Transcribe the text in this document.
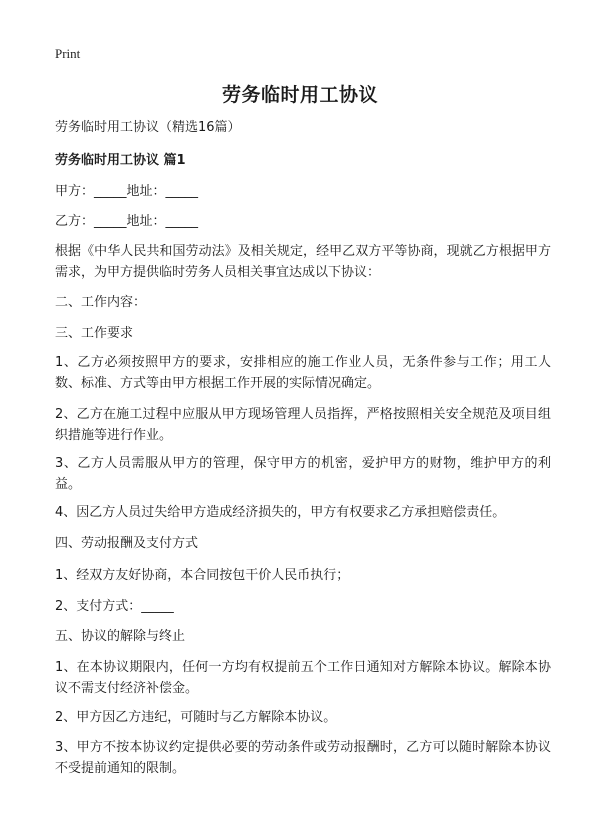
Print
劳务临时用工协议
劳务临时用工协议（精选16篇）
劳务临时用工协议 篇1
甲方：_____地址：_____
乙方：_____地址：_____
根据《中华人民共和国劳动法》及相关规定，经甲乙双方平等协商，现就乙方根据甲方需求，为甲方提供临时劳务人员相关事宜达成以下协议：
二、工作内容：
三、工作要求
1、乙方必须按照甲方的要求，安排相应的施工作业人员，无条件参与工作；用工人数、标准、方式等由甲方根据工作开展的实际情况确定。
2、乙方在施工过程中应服从甲方现场管理人员指挥，严格按照相关安全规范及项目组织措施等进行作业。
3、乙方人员需服从甲方的管理，保守甲方的机密，爱护甲方的财物，维护甲方的利益。
4、因乙方人员过失给甲方造成经济损失的，甲方有权要求乙方承担赔偿责任。
四、劳动报酬及支付方式
1、经双方友好协商，本合同按包干价人民币执行；
2、支付方式：_____
五、协议的解除与终止
1、在本协议期限内，任何一方均有权提前五个工作日通知对方解除本协议。解除本协议不需支付经济补偿金。
2、甲方因乙方违纪，可随时与乙方解除本协议。
3、甲方不按本协议约定提供必要的劳动条件或劳动报酬时，乙方可以随时解除本协议不受提前通知的限制。
